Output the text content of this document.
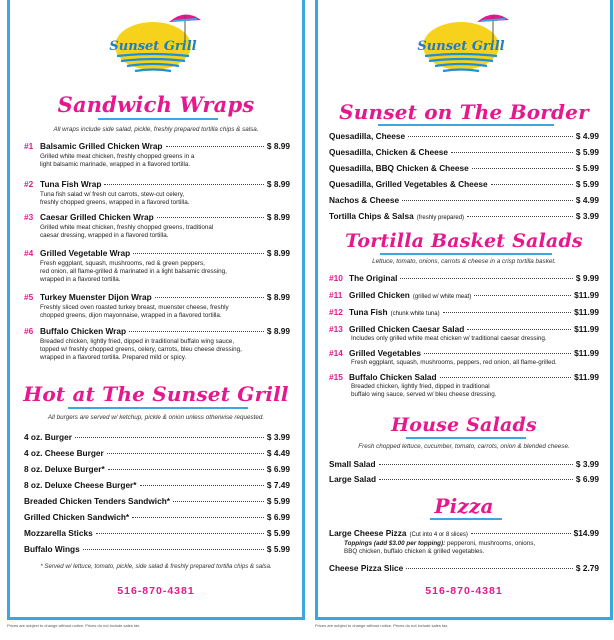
Sunset Grill
Sandwich Wraps
All wraps include side salad, pickle, freshly prepared tortilla chips & salsa.
#1 Balsamic Grilled Chicken Wrap	$ 8.99
Grilled white meat chicken, freshly chopped greens in a
light balsamic marinade, wrapped in a flavored tortilla.
#2 Tuna Fish Wrap	$ 8.99
Tuna fish salad w/ fresh cut carrots, stew-cut celery,
freshly chopped greens, wrapped in a flavored tortilla.
#3 Caesar Grilled Chicken Wrap	$ 8.99
Grilled white meat chicken, freshly chopped greens, traditional
caesar dressing, wrapped in a flavored tortilla.
#4 Grilled Vegetable Wrap	$ 8.99
Fresh eggplant, squash, mushrooms, red & green peppers,
red onion, all flame-grilled & marinated in a light balsamic dressing,
wrapped in a flavored tortilla.
#5 Turkey Muenster Dijon Wrap	$ 8.99
Freshly sliced oven roasted turkey breast, muenster cheese, freshly
chopped greens, dijon mayonnaise, wrapped in a flavored tortilla.
#6 Buffalo Chicken Wrap	$ 8.99
Breaded chicken, lightly fried, dipped in traditional buffalo wing sauce,
topped w/ freshly chopped greens, celery, carrots, bleu cheese dressing,
wrapped in a flavored tortilla. Prepared mild or spicy.
Hot at The Sunset Grill
All burgers are served w/ ketchup, pickle & onion unless otherwise requested.
4 oz. Burger	$ 3.99
4 oz. Cheese Burger	$ 4.49
8 oz. Deluxe Burger*	$ 6.99
8 oz. Deluxe Cheese Burger*	$ 7.49
Breaded Chicken Tenders Sandwich*	$ 5.99
Grilled Chicken Sandwich*	$ 6.99
Mozzarella Sticks	$ 5.99
Buffalo Wings	$ 5.99
* Served w/ lettuce, tomato, pickle, side salad & freshly prepared tortilla chips & salsa.
516-870-4381
Prices are subject to change without notice. Prices do not include sales tax.
Sunset Grill
Sunset on The Border
Quesadilla, Cheese	$ 4.99
Quesadilla, Chicken & Cheese	$ 5.99
Quesadilla, BBQ Chicken & Cheese	$ 5.99
Quesadilla, Grilled Vegetables & Cheese	$ 5.99
Nachos & Cheese	$ 4.99
Tortilla Chips & Salsa (freshly prepared)	$ 3.99
Tortilla Basket Salads
Lettuce, tomato, onions, carrots & cheese in a crisp tortilla basket.
#10 The Original	$ 9.99
#11 Grilled Chicken (grilled w/ white meat)	$11.99
#12 Tuna Fish (chunk white tuna)	$11.99
#13 Grilled Chicken Caesar Salad	$11.99
Includes only grilled white meat chicken w/ traditional caesar dressing.
#14 Grilled Vegetables	$11.99
Fresh eggplant, squash, mushrooms, peppers, red onion, all flame-grilled.
#15 Buffalo Chicken Salad	$11.99
Breaded chicken, lightly fried, dipped in traditional
buffalo wing sauce, served w/ bleu cheese dressing.
House Salads
Fresh chopped lettuce, cucumber, tomato, carrots, onion & blended cheese.
Small Salad	$ 3.99
Large Salad	$ 6.99
Pizza
Large Cheese Pizza (Cut into 4 or 8 slices)	$14.99
Toppings (add $3.00 per topping): pepperoni, mushrooms, onions,
BBQ chicken, buffalo chicken & grilled vegetables.
Cheese Pizza Slice	$ 2.79
516-870-4381
Prices are subject to change without notice. Prices do not include sales tax.
